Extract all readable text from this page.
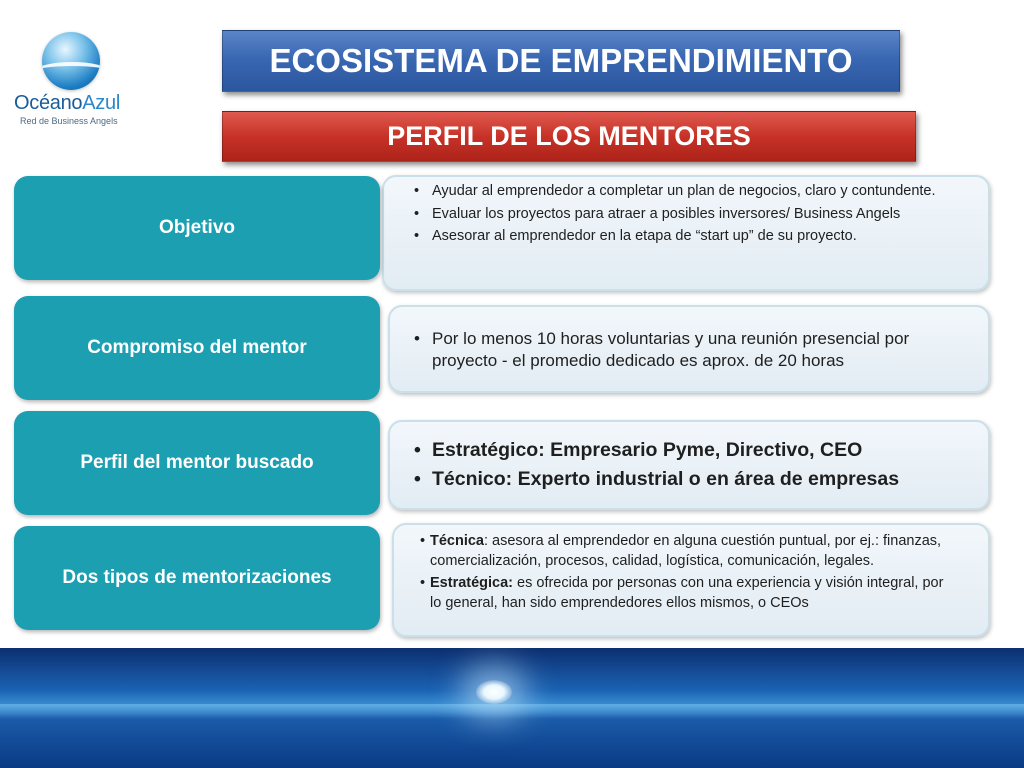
OcéanoAzul
Red de Business Angels
ECOSISTEMA DE EMPRENDIMIENTO
PERFIL DE LOS MENTORES
• Ayudar al emprendedor a completar un plan de negocios, claro y contundente.
• Evaluar los proyectos para atraer a posibles inversores/ Business Angels
• Asesorar al emprendedor en la etapa de “start up” de su proyecto.
Objetivo
• Por lo menos 10 horas voluntarias y una reunión presencial por proyecto - el promedio dedicado es aprox. de 20 horas
Compromiso del mentor
• Estratégico: Empresario Pyme, Directivo, CEO
• Técnico: Experto industrial o en área de empresas
Perfil del mentor buscado
• Técnica: asesora al emprendedor en alguna cuestión puntual, por ej.: finanzas, comercialización, procesos, calidad, logística, comunicación, legales.
• Estratégica: es ofrecida por personas con una experiencia y visión integral, por lo general, han sido emprendedores ellos mismos, o CEOs
Dos tipos de mentorizaciones
